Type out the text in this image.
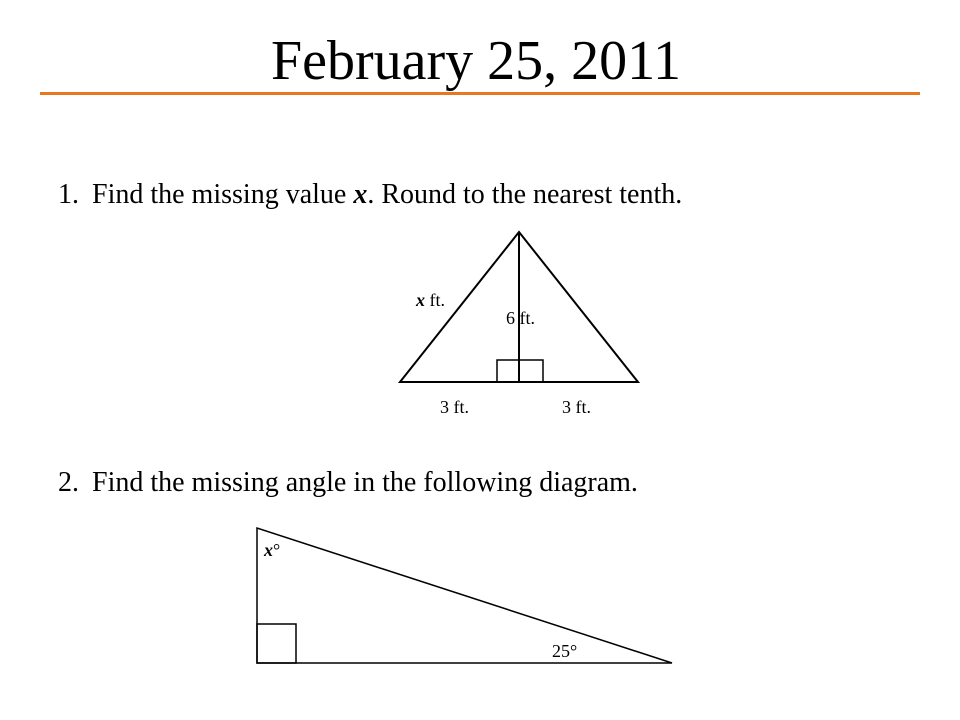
February 25, 2011
1. Find the missing value x. Round to the nearest tenth.
x ft.
6 ft.
3 ft.	3 ft.
2. Find the missing angle in the following diagram.
x°
25°
